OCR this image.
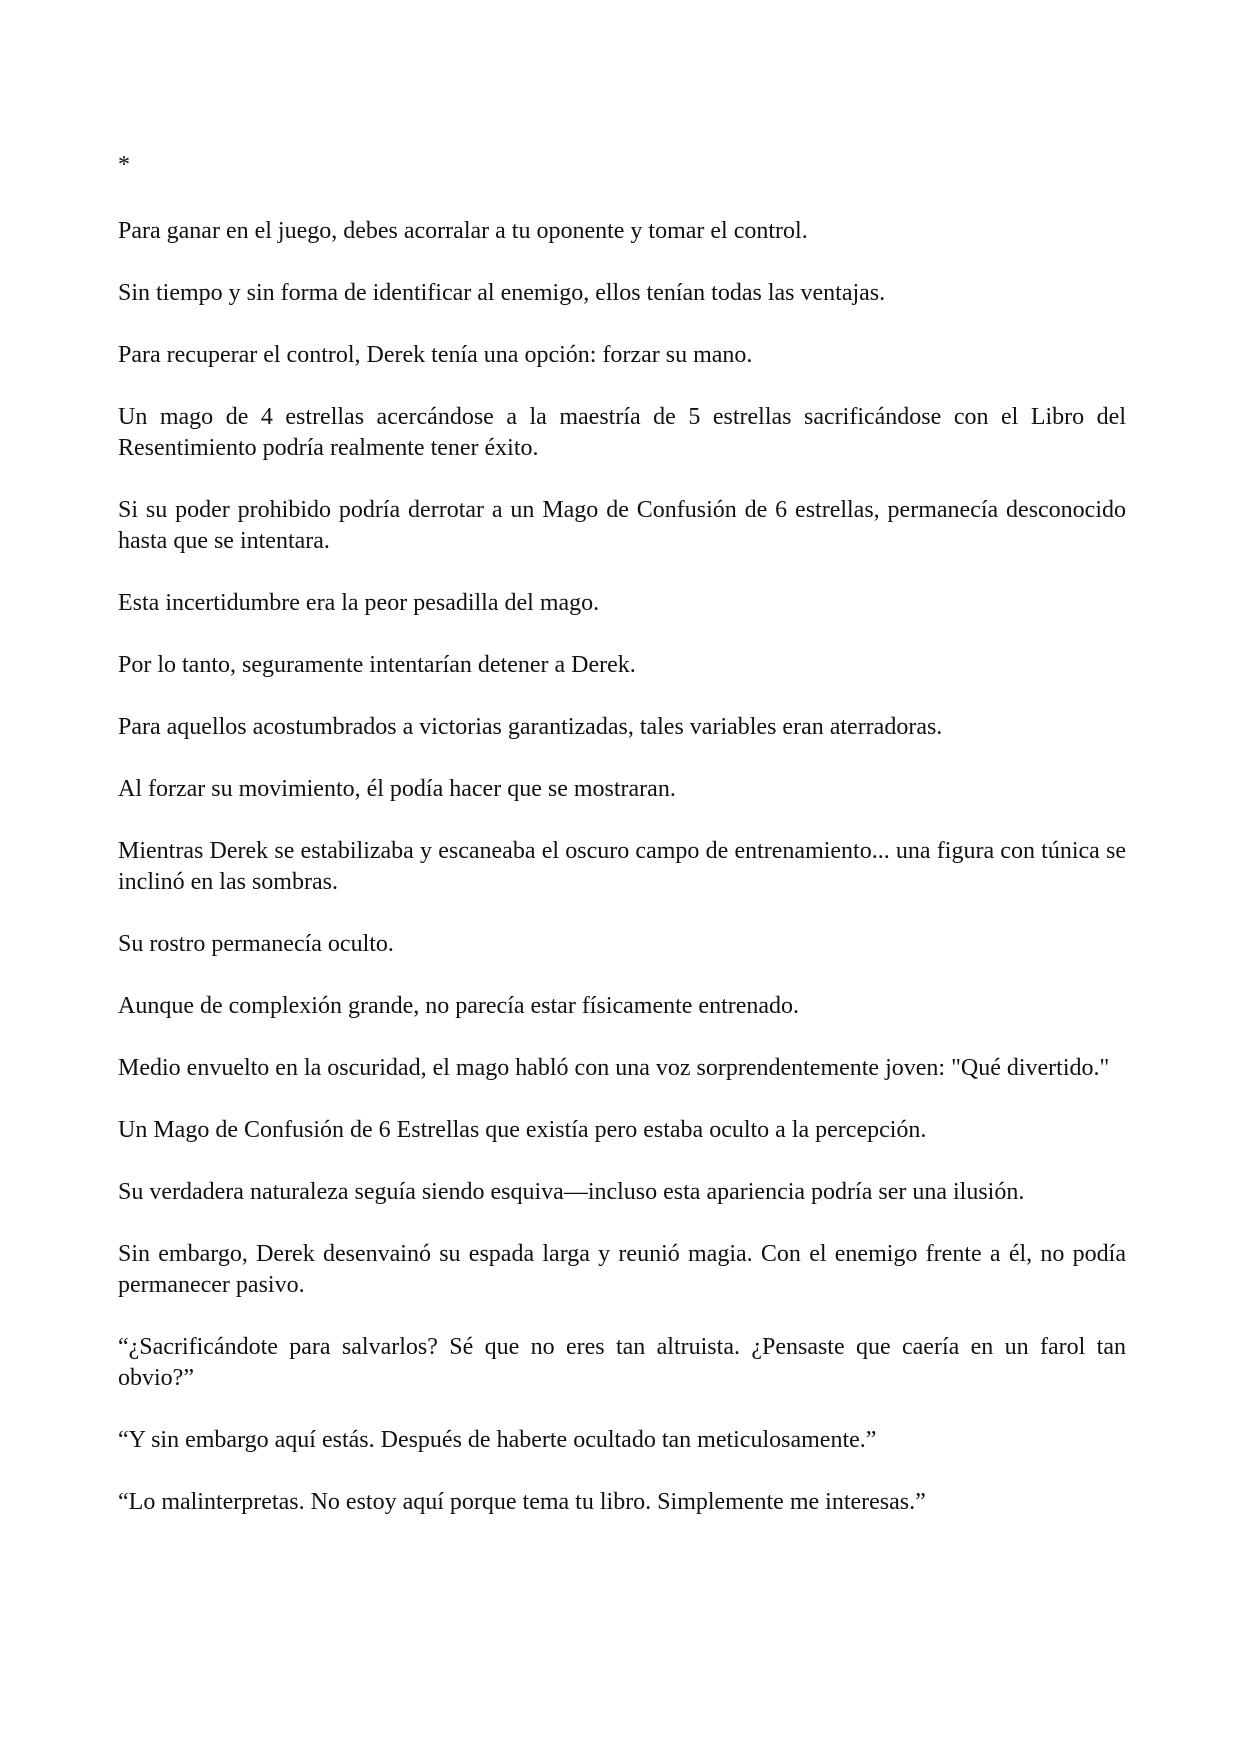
*

Para ganar en el juego, debes acorralar a tu oponente y tomar el control.

Sin tiempo y sin forma de identificar al enemigo, ellos tenían todas las ventajas.

Para recuperar el control, Derek tenía una opción: forzar su mano.

Un mago de 4 estrellas acercándose a la maestría de 5 estrellas sacrificándose con el Libro del Resentimiento podría realmente tener éxito.

Si su poder prohibido podría derrotar a un Mago de Confusión de 6 estrellas, permanecía desconocido hasta que se intentara.

Esta incertidumbre era la peor pesadilla del mago.

Por lo tanto, seguramente intentarían detener a Derek.

Para aquellos acostumbrados a victorias garantizadas, tales variables eran aterradoras.

Al forzar su movimiento, él podía hacer que se mostraran.

Mientras Derek se estabilizaba y escaneaba el oscuro campo de entrenamiento... una figura con túnica se inclinó en las sombras.

Su rostro permanecía oculto.

Aunque de complexión grande, no parecía estar físicamente entrenado.

Medio envuelto en la oscuridad, el mago habló con una voz sorprendentemente joven: "Qué divertido."

Un Mago de Confusión de 6 Estrellas que existía pero estaba oculto a la percepción.

Su verdadera naturaleza seguía siendo esquiva—incluso esta apariencia podría ser una ilusión.

Sin embargo, Derek desenvainó su espada larga y reunió magia. Con el enemigo frente a él, no podía permanecer pasivo.

“¿Sacrificándote para salvarlos? Sé que no eres tan altruista. ¿Pensaste que caería en un farol tan obvio?”

“Y sin embargo aquí estás. Después de haberte ocultado tan meticulosamente.”

“Lo malinterpretas. No estoy aquí porque tema tu libro. Simplemente me interesas.”
